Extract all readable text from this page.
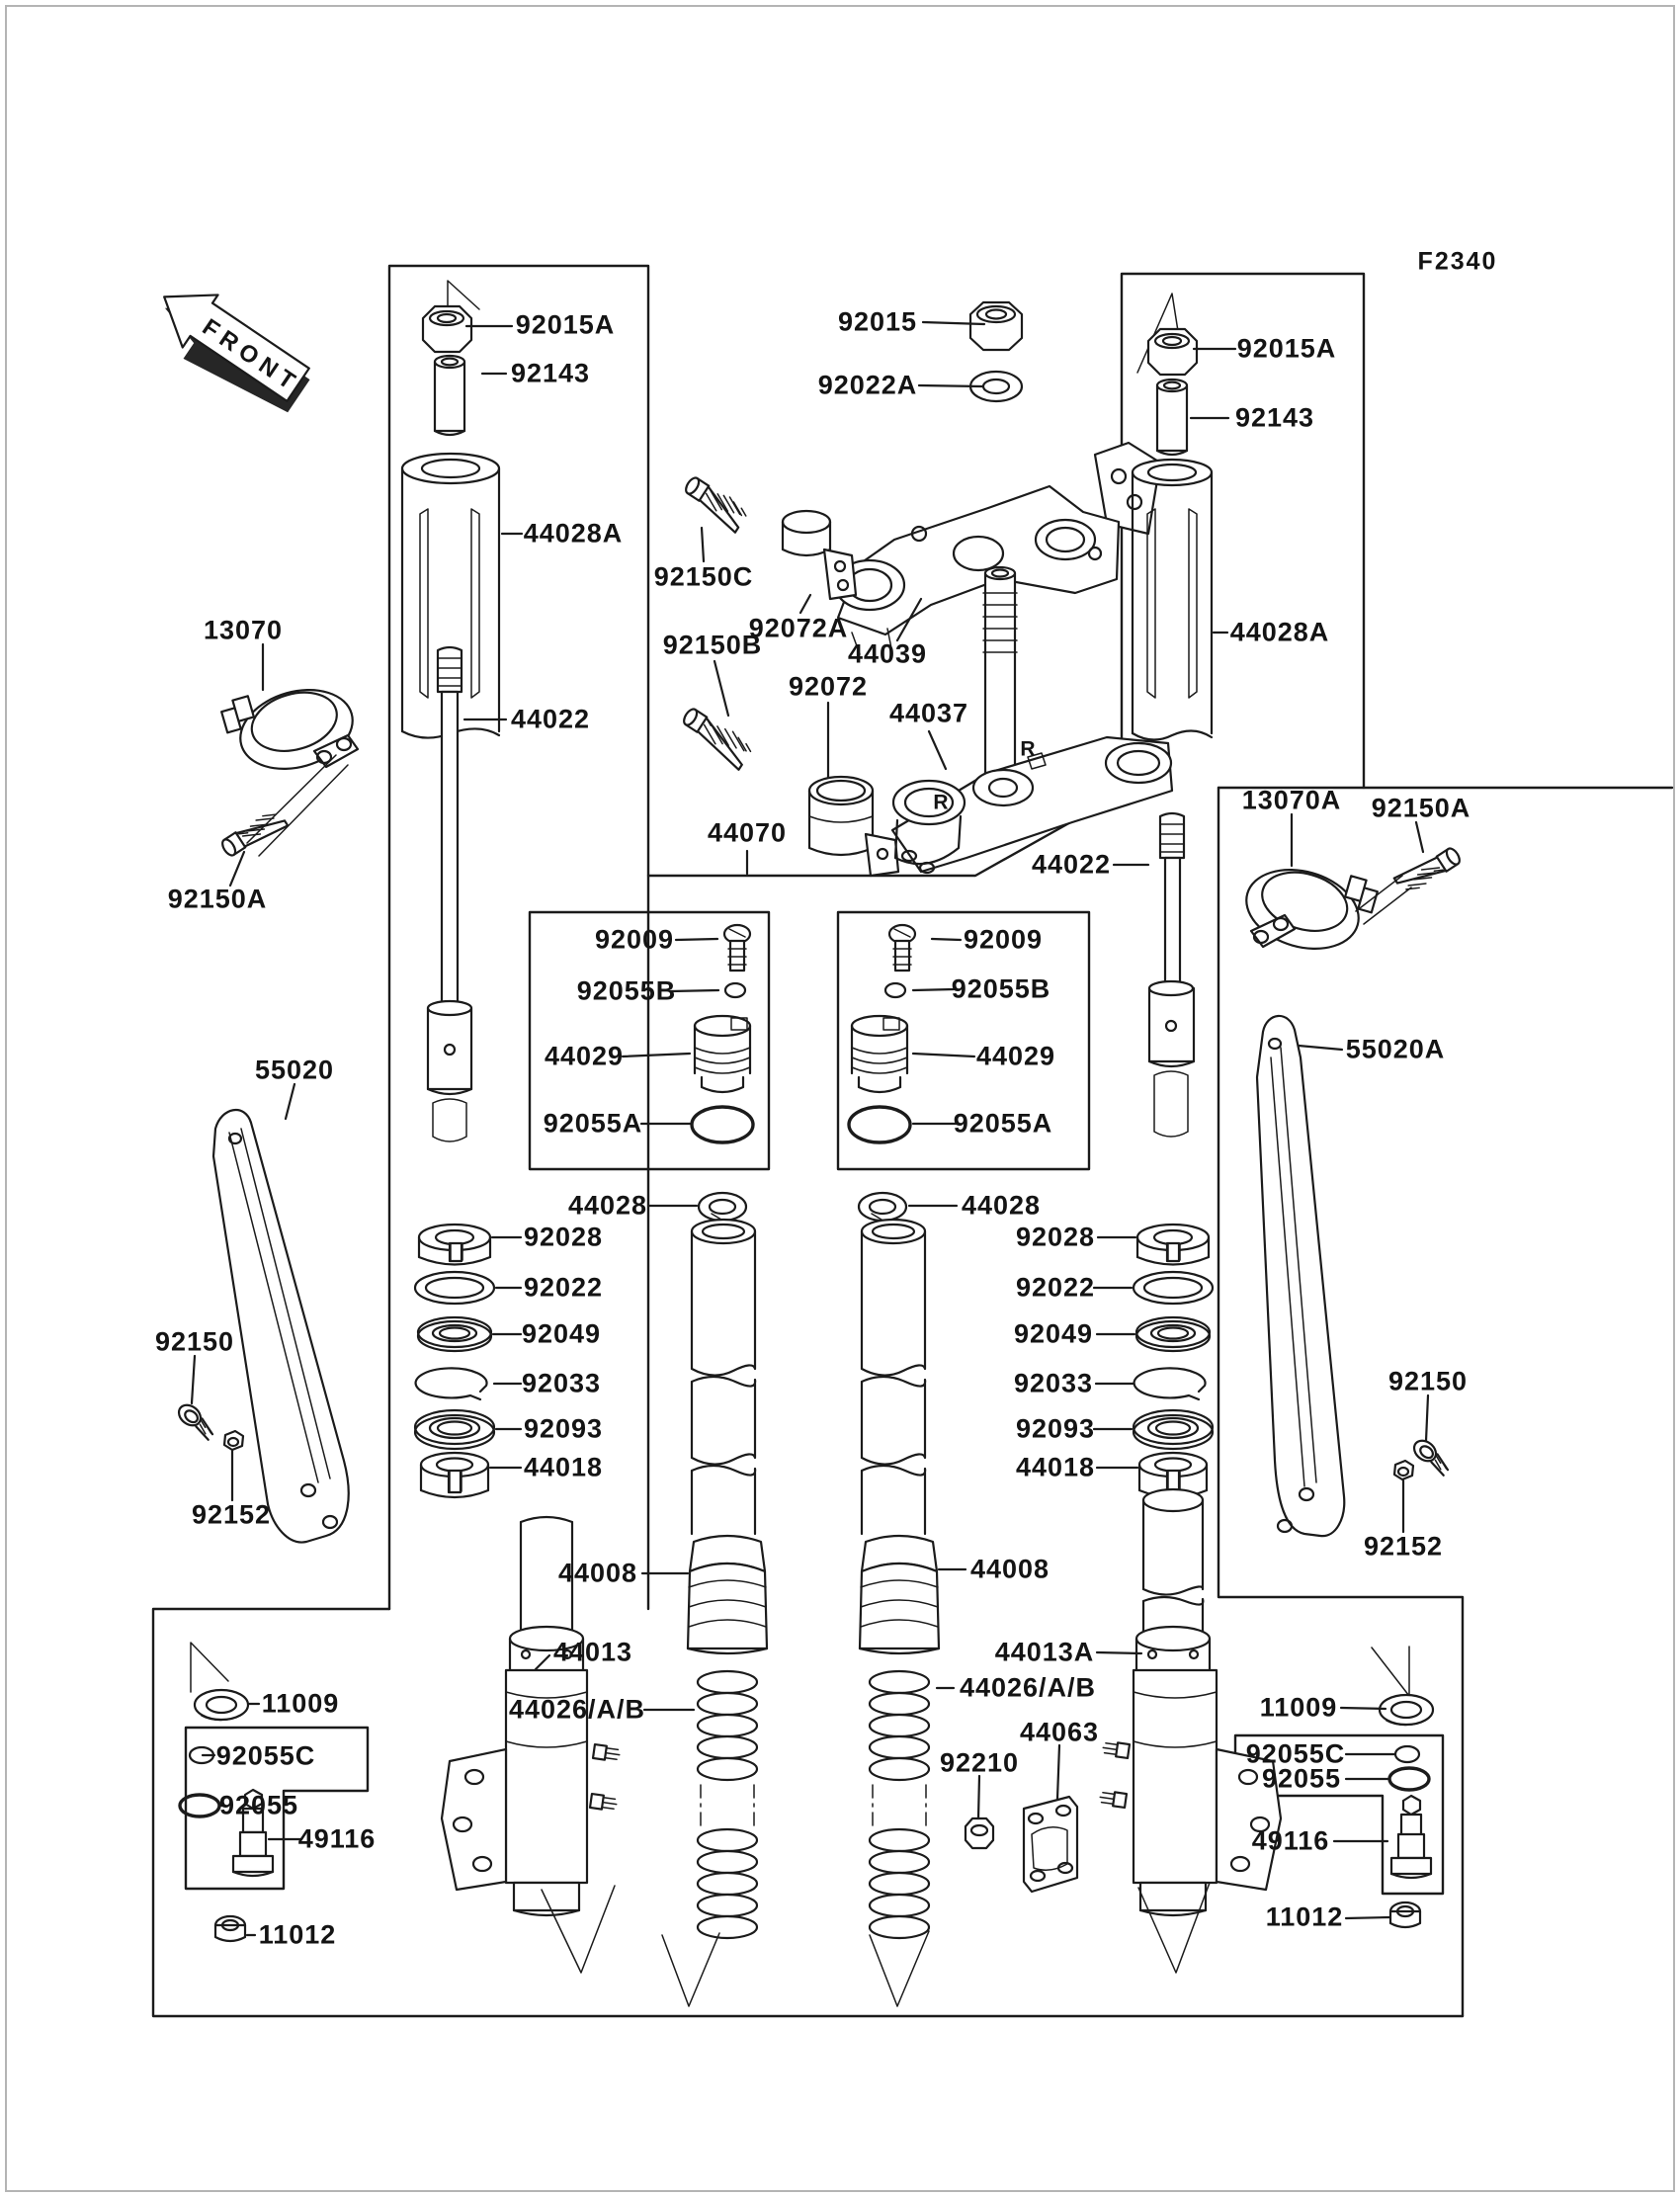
FRONT
F2340
92015A
92143
44028A
44022
92015
92022A
92150C
92072A
44039
92150B
92072
44037
44070
44022
92015A
92143
44028A
92009
92055B
44029
92055A
92009
92055B
44029
92055A
44028	44028
92028
92022
92049
92033
92093
44018
92028
92022
92049
92033
92093
44018
13070
92150A
55020
92150
92152
13070A 92150A
55020A
92150
92152
11009
92055C
92055
49116
11012
11009
92055C
92055
49116
11012
44008	44008
44013
44026/A/B
44013A
44026/A/B
92210
44063
R
R
